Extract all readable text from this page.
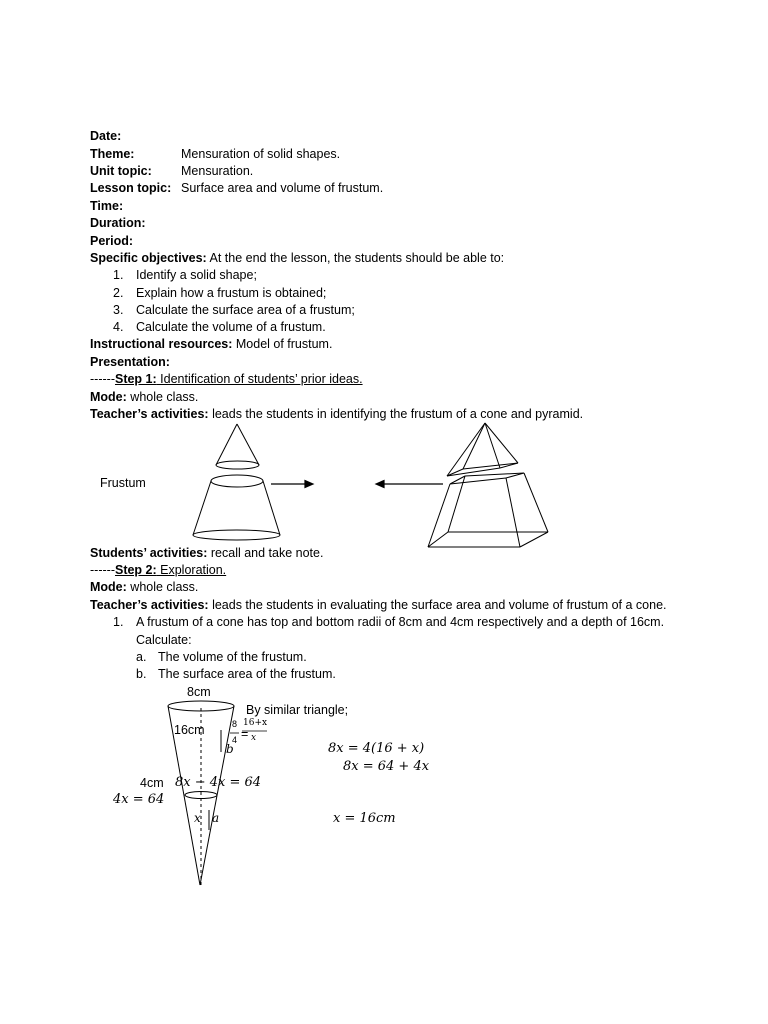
Date:
Theme:	Mensuration of solid shapes.
Unit topic: Mensuration.
Lesson topic: Surface area and volume of frustum.
Time:
Duration:
Period:
Specific objectives: At the end the lesson, the students should be able to:
1. Identify a solid shape;
2. Explain how a frustum is obtained;
3. Calculate the surface area of a frustum;
4. Calculate the volume of a frustum.
Instructional resources: Model of frustum.
Presentation:
------Step 1: Identification of students’ prior ideas.
Mode: whole class.
Teacher’s activities: leads the students in identifying the frustum of a cone and pyramid.
Frustum
Students’ activities: recall and take note.
------Step 2: Exploration.
Mode: whole class.
Teacher’s activities: leads the students in evaluating the surface area and volume of frustum of a cone.
1. A frustum of a cone has top and bottom radii of 8cm and 4cm respectively and a depth of 16cm.
Calculate:
a. The volume of the frustum.
b. The surface area of the frustum.
8cm
16cm
4cm
By similar triangle;
8
4 =
16+x
x
b
x a
8x = 4(16 + x)
8x = 64 + 4x
8x − 4x = 64
4x = 64
x = 16cm
